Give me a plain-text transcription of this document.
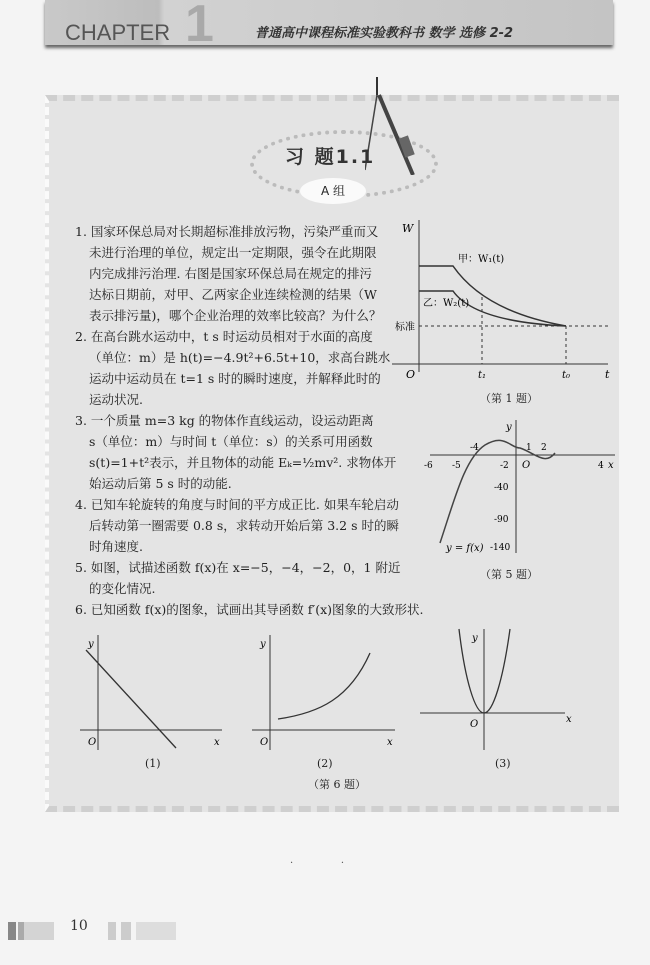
1
CHAPTER	普通高中课程标准实验教科书 数学 选修 2-2
习 题1.1
A 组
1. 国家环保总局对长期超标准排放污物，污染严重而又
未进行治理的单位，规定出一定期限，强令在此期限
内完成排污治理. 右图是国家环保总局在规定的排污
达标日期前，对甲、乙两家企业连续检测的结果（W
表示排污量)，哪个企业治理的效率比较高？为什么？
2. 在高台跳水运动中，t s 时运动员相对于水面的高度
（单位：m）是 h(t)=−4.9t²+6.5t+10，求高台跳水
运动中运动员在 t=1 s 时的瞬时速度，并解释此时的
运动状况.
3. 一个质量 m=3 kg 的物体作直线运动，设运动距离
s（单位：m）与时间 t（单位：s）的关系可用函数
s(t)=1+t²表示，并且物体的动能 Eₖ=½mv². 求物体开
始运动后第 5 s 时的动能.
4. 已知车轮旋转的角度与时间的平方成正比. 如果车轮启动
后转动第一圈需要 0.8 s，求转动开始后第 3.2 s 时的瞬
时角速度.
5. 如图，试描述函数 f(x)在 x=−5，−4，−2，0，1 附近
的变化情况.
6. 已知函数 f(x)的图象，试画出其导函数 f′(x)图象的大致形状.
W
t
O
甲：W₁(t)
乙：W₂(t)
标准
t₁	t₀
（第 1 题）
-6 -5
-4
-2
1 2
4
-40
-90
-140
y
x
O
y = f(x)
（第 5 题）
y
O	x
y
O	x
y
O	x
(1)	(2)	(3)
（第 6 题）
·               ·

10
